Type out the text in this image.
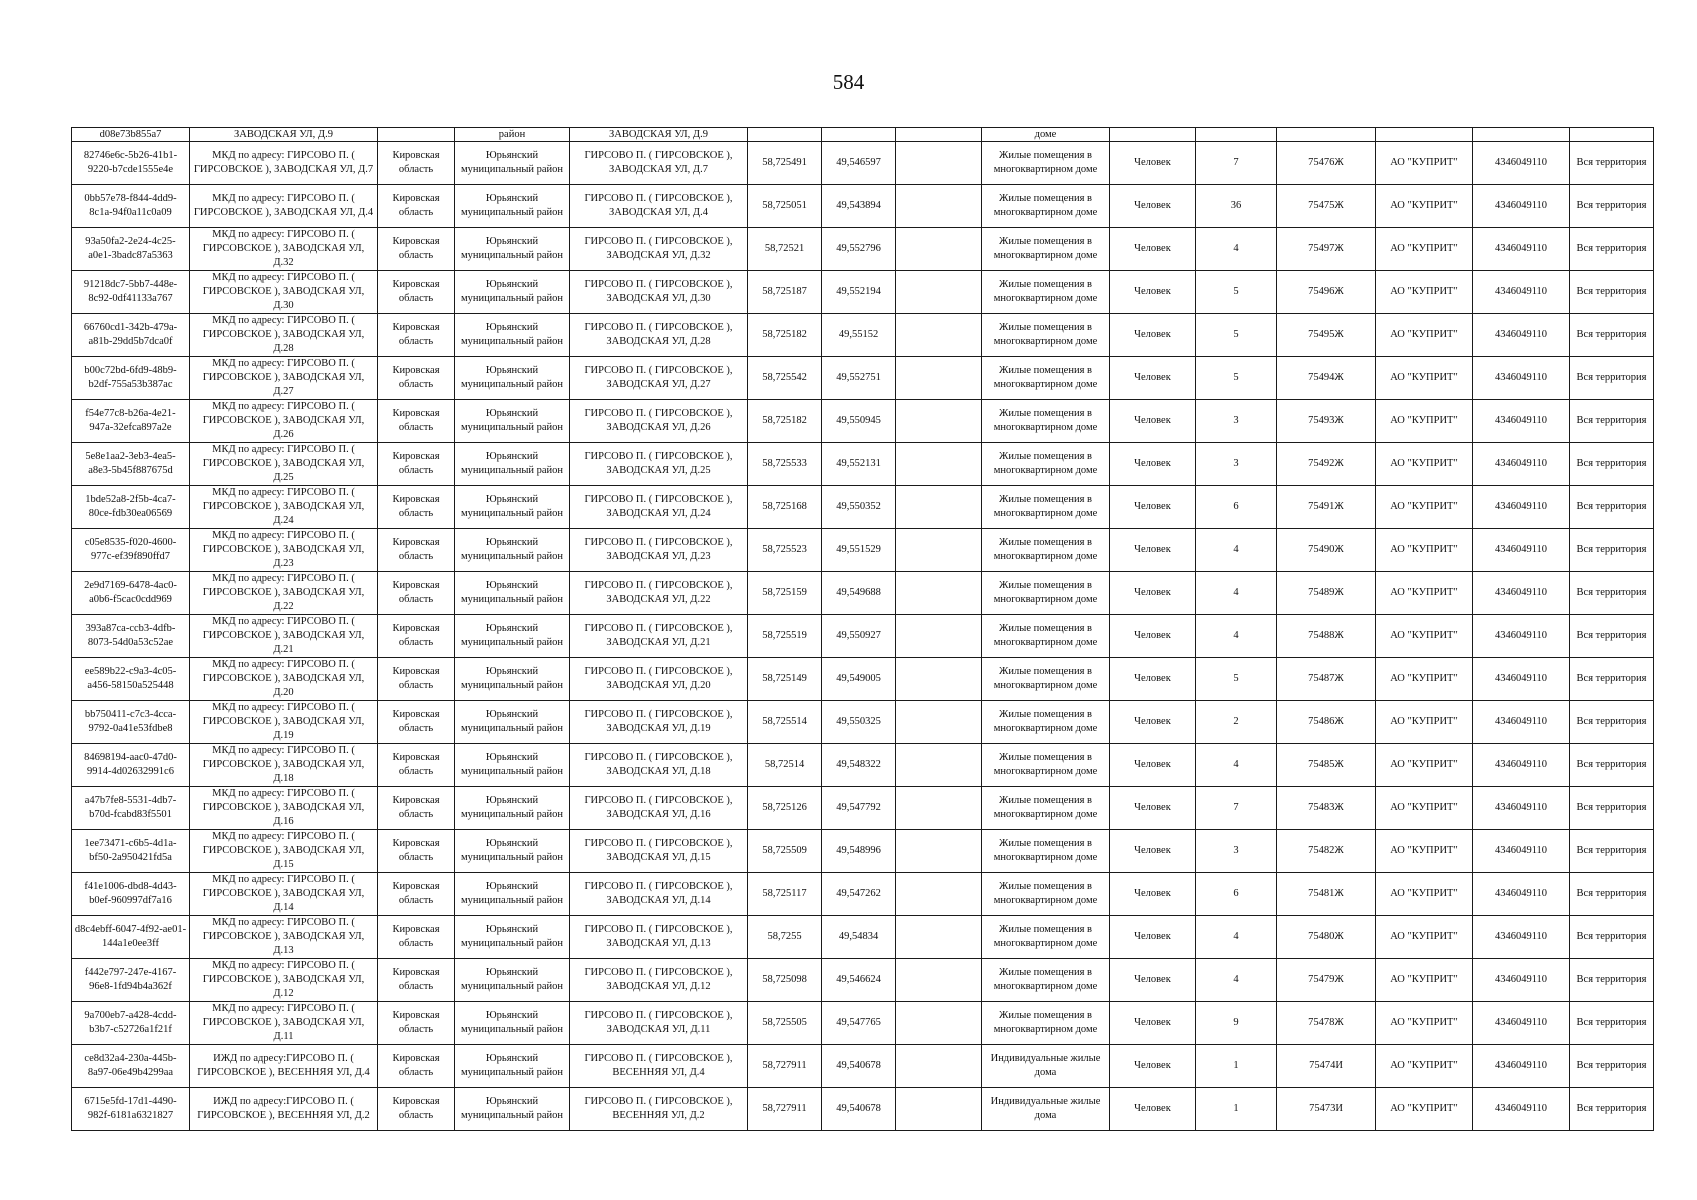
584
d08e73b855a7	ЗАВОДСКАЯ УЛ, Д.9		район	ЗАВОДСКАЯ УЛ, Д.9				доме						
82746e6c-5b26-41b1-9220-b7cde1555e4e	МКД по адресу: ГИРСОВО П. ( ГИРСОВСКОЕ ), ЗАВОДСКАЯ УЛ, Д.7	Кировская область	Юрьянский муниципальный район	ГИРСОВО П. ( ГИРСОВСКОЕ ), ЗАВОДСКАЯ УЛ, Д.7	58,725491	49,546597		Жилые помещения в многоквартирном доме	Человек	7	75476Ж	АО "КУПРИТ"	4346049110	Вся территория
0bb57e78-f844-4dd9-8c1a-94f0a11c0a09	МКД по адресу: ГИРСОВО П. ( ГИРСОВСКОЕ ), ЗАВОДСКАЯ УЛ, Д.4	Кировская область	Юрьянский муниципальный район	ГИРСОВО П. ( ГИРСОВСКОЕ ), ЗАВОДСКАЯ УЛ, Д.4	58,725051	49,543894		Жилые помещения в многоквартирном доме	Человек	36	75475Ж	АО "КУПРИТ"	4346049110	Вся территория
93a50fa2-2e24-4c25-a0e1-3badc87a5363	МКД по адресу: ГИРСОВО П. ( ГИРСОВСКОЕ ), ЗАВОДСКАЯ УЛ, Д.32	Кировская область	Юрьянский муниципальный район	ГИРСОВО П. ( ГИРСОВСКОЕ ), ЗАВОДСКАЯ УЛ, Д.32	58,72521	49,552796		Жилые помещения в многоквартирном доме	Человек	4	75497Ж	АО "КУПРИТ"	4346049110	Вся территория
91218dc7-5bb7-448e-8c92-0df41133a767	МКД по адресу: ГИРСОВО П. ( ГИРСОВСКОЕ ), ЗАВОДСКАЯ УЛ, Д.30	Кировская область	Юрьянский муниципальный район	ГИРСОВО П. ( ГИРСОВСКОЕ ), ЗАВОДСКАЯ УЛ, Д.30	58,725187	49,552194		Жилые помещения в многоквартирном доме	Человек	5	75496Ж	АО "КУПРИТ"	4346049110	Вся территория
66760cd1-342b-479a-a81b-29dd5b7dca0f	МКД по адресу: ГИРСОВО П. ( ГИРСОВСКОЕ ), ЗАВОДСКАЯ УЛ, Д.28	Кировская область	Юрьянский муниципальный район	ГИРСОВО П. ( ГИРСОВСКОЕ ), ЗАВОДСКАЯ УЛ, Д.28	58,725182	49,55152		Жилые помещения в многоквартирном доме	Человек	5	75495Ж	АО "КУПРИТ"	4346049110	Вся территория
b00c72bd-6fd9-48b9-b2df-755a53b387ac	МКД по адресу: ГИРСОВО П. ( ГИРСОВСКОЕ ), ЗАВОДСКАЯ УЛ, Д.27	Кировская область	Юрьянский муниципальный район	ГИРСОВО П. ( ГИРСОВСКОЕ ), ЗАВОДСКАЯ УЛ, Д.27	58,725542	49,552751		Жилые помещения в многоквартирном доме	Человек	5	75494Ж	АО "КУПРИТ"	4346049110	Вся территория
f54e77c8-b26a-4e21-947a-32efca897a2e	МКД по адресу: ГИРСОВО П. ( ГИРСОВСКОЕ ), ЗАВОДСКАЯ УЛ, Д.26	Кировская область	Юрьянский муниципальный район	ГИРСОВО П. ( ГИРСОВСКОЕ ), ЗАВОДСКАЯ УЛ, Д.26	58,725182	49,550945		Жилые помещения в многоквартирном доме	Человек	3	75493Ж	АО "КУПРИТ"	4346049110	Вся территория
5e8e1aa2-3eb3-4ea5-a8e3-5b45f887675d	МКД по адресу: ГИРСОВО П. ( ГИРСОВСКОЕ ), ЗАВОДСКАЯ УЛ, Д.25	Кировская область	Юрьянский муниципальный район	ГИРСОВО П. ( ГИРСОВСКОЕ ), ЗАВОДСКАЯ УЛ, Д.25	58,725533	49,552131		Жилые помещения в многоквартирном доме	Человек	3	75492Ж	АО "КУПРИТ"	4346049110	Вся территория
1bde52a8-2f5b-4ca7-80ce-fdb30ea06569	МКД по адресу: ГИРСОВО П. ( ГИРСОВСКОЕ ), ЗАВОДСКАЯ УЛ, Д.24	Кировская область	Юрьянский муниципальный район	ГИРСОВО П. ( ГИРСОВСКОЕ ), ЗАВОДСКАЯ УЛ, Д.24	58,725168	49,550352		Жилые помещения в многоквартирном доме	Человек	6	75491Ж	АО "КУПРИТ"	4346049110	Вся территория
c05e8535-f020-4600-977c-ef39f890ffd7	МКД по адресу: ГИРСОВО П. ( ГИРСОВСКОЕ ), ЗАВОДСКАЯ УЛ, Д.23	Кировская область	Юрьянский муниципальный район	ГИРСОВО П. ( ГИРСОВСКОЕ ), ЗАВОДСКАЯ УЛ, Д.23	58,725523	49,551529		Жилые помещения в многоквартирном доме	Человек	4	75490Ж	АО "КУПРИТ"	4346049110	Вся территория
2e9d7169-6478-4ac0-a0b6-f5cac0cdd969	МКД по адресу: ГИРСОВО П. ( ГИРСОВСКОЕ ), ЗАВОДСКАЯ УЛ, Д.22	Кировская область	Юрьянский муниципальный район	ГИРСОВО П. ( ГИРСОВСКОЕ ), ЗАВОДСКАЯ УЛ, Д.22	58,725159	49,549688		Жилые помещения в многоквартирном доме	Человек	4	75489Ж	АО "КУПРИТ"	4346049110	Вся территория
393a87ca-ccb3-4dfb-8073-54d0a53c52ae	МКД по адресу: ГИРСОВО П. ( ГИРСОВСКОЕ ), ЗАВОДСКАЯ УЛ, Д.21	Кировская область	Юрьянский муниципальный район	ГИРСОВО П. ( ГИРСОВСКОЕ ), ЗАВОДСКАЯ УЛ, Д.21	58,725519	49,550927		Жилые помещения в многоквартирном доме	Человек	4	75488Ж	АО "КУПРИТ"	4346049110	Вся территория
ee589b22-c9a3-4c05-a456-58150a525448	МКД по адресу: ГИРСОВО П. ( ГИРСОВСКОЕ ), ЗАВОДСКАЯ УЛ, Д.20	Кировская область	Юрьянский муниципальный район	ГИРСОВО П. ( ГИРСОВСКОЕ ), ЗАВОДСКАЯ УЛ, Д.20	58,725149	49,549005		Жилые помещения в многоквартирном доме	Человек	5	75487Ж	АО "КУПРИТ"	4346049110	Вся территория
bb750411-c7c3-4cca-9792-0a41e53fdbe8	МКД по адресу: ГИРСОВО П. ( ГИРСОВСКОЕ ), ЗАВОДСКАЯ УЛ, Д.19	Кировская область	Юрьянский муниципальный район	ГИРСОВО П. ( ГИРСОВСКОЕ ), ЗАВОДСКАЯ УЛ, Д.19	58,725514	49,550325		Жилые помещения в многоквартирном доме	Человек	2	75486Ж	АО "КУПРИТ"	4346049110	Вся территория
84698194-aac0-47d0-9914-4d02632991c6	МКД по адресу: ГИРСОВО П. ( ГИРСОВСКОЕ ), ЗАВОДСКАЯ УЛ, Д.18	Кировская область	Юрьянский муниципальный район	ГИРСОВО П. ( ГИРСОВСКОЕ ), ЗАВОДСКАЯ УЛ, Д.18	58,72514	49,548322		Жилые помещения в многоквартирном доме	Человек	4	75485Ж	АО "КУПРИТ"	4346049110	Вся территория
a47b7fe8-5531-4db7-b70d-fcabd83f5501	МКД по адресу: ГИРСОВО П. ( ГИРСОВСКОЕ ), ЗАВОДСКАЯ УЛ, Д.16	Кировская область	Юрьянский муниципальный район	ГИРСОВО П. ( ГИРСОВСКОЕ ), ЗАВОДСКАЯ УЛ, Д.16	58,725126	49,547792		Жилые помещения в многоквартирном доме	Человек	7	75483Ж	АО "КУПРИТ"	4346049110	Вся территория
1ee73471-c6b5-4d1a-bf50-2a950421fd5a	МКД по адресу: ГИРСОВО П. ( ГИРСОВСКОЕ ), ЗАВОДСКАЯ УЛ, Д.15	Кировская область	Юрьянский муниципальный район	ГИРСОВО П. ( ГИРСОВСКОЕ ), ЗАВОДСКАЯ УЛ, Д.15	58,725509	49,548996		Жилые помещения в многоквартирном доме	Человек	3	75482Ж	АО "КУПРИТ"	4346049110	Вся территория
f41e1006-dbd8-4d43-b0ef-960997df7a16	МКД по адресу: ГИРСОВО П. ( ГИРСОВСКОЕ ), ЗАВОДСКАЯ УЛ, Д.14	Кировская область	Юрьянский муниципальный район	ГИРСОВО П. ( ГИРСОВСКОЕ ), ЗАВОДСКАЯ УЛ, Д.14	58,725117	49,547262		Жилые помещения в многоквартирном доме	Человек	6	75481Ж	АО "КУПРИТ"	4346049110	Вся территория
d8c4ebff-6047-4f92-ae01-144a1e0ee3ff	МКД по адресу: ГИРСОВО П. ( ГИРСОВСКОЕ ), ЗАВОДСКАЯ УЛ, Д.13	Кировская область	Юрьянский муниципальный район	ГИРСОВО П. ( ГИРСОВСКОЕ ), ЗАВОДСКАЯ УЛ, Д.13	58,7255	49,54834		Жилые помещения в многоквартирном доме	Человек	4	75480Ж	АО "КУПРИТ"	4346049110	Вся территория
f442e797-247e-4167-96e8-1fd94b4a362f	МКД по адресу: ГИРСОВО П. ( ГИРСОВСКОЕ ), ЗАВОДСКАЯ УЛ, Д.12	Кировская область	Юрьянский муниципальный район	ГИРСОВО П. ( ГИРСОВСКОЕ ), ЗАВОДСКАЯ УЛ, Д.12	58,725098	49,546624		Жилые помещения в многоквартирном доме	Человек	4	75479Ж	АО "КУПРИТ"	4346049110	Вся территория
9a700eb7-a428-4cdd-b3b7-c52726a1f21f	МКД по адресу: ГИРСОВО П. ( ГИРСОВСКОЕ ), ЗАВОДСКАЯ УЛ, Д.11	Кировская область	Юрьянский муниципальный район	ГИРСОВО П. ( ГИРСОВСКОЕ ), ЗАВОДСКАЯ УЛ, Д.11	58,725505	49,547765		Жилые помещения в многоквартирном доме	Человек	9	75478Ж	АО "КУПРИТ"	4346049110	Вся территория
ce8d32a4-230a-445b-8a97-06e49b4299aa	ИЖД по адресу:ГИРСОВО П. ( ГИРСОВСКОЕ ), ВЕСЕННЯЯ УЛ, Д.4	Кировская область	Юрьянский муниципальный район	ГИРСОВО П. ( ГИРСОВСКОЕ ), ВЕСЕННЯЯ УЛ, Д.4	58,727911	49,540678		Индивидуальные жилые дома	Человек	1	75474И	АО "КУПРИТ"	4346049110	Вся территория
6715e5fd-17d1-4490-982f-6181a6321827	ИЖД по адресу:ГИРСОВО П. ( ГИРСОВСКОЕ ), ВЕСЕННЯЯ УЛ, Д.2	Кировская область	Юрьянский муниципальный район	ГИРСОВО П. ( ГИРСОВСКОЕ ), ВЕСЕННЯЯ УЛ, Д.2	58,727911	49,540678		Индивидуальные жилые дома	Человек	1	75473И	АО "КУПРИТ"	4346049110	Вся территория
